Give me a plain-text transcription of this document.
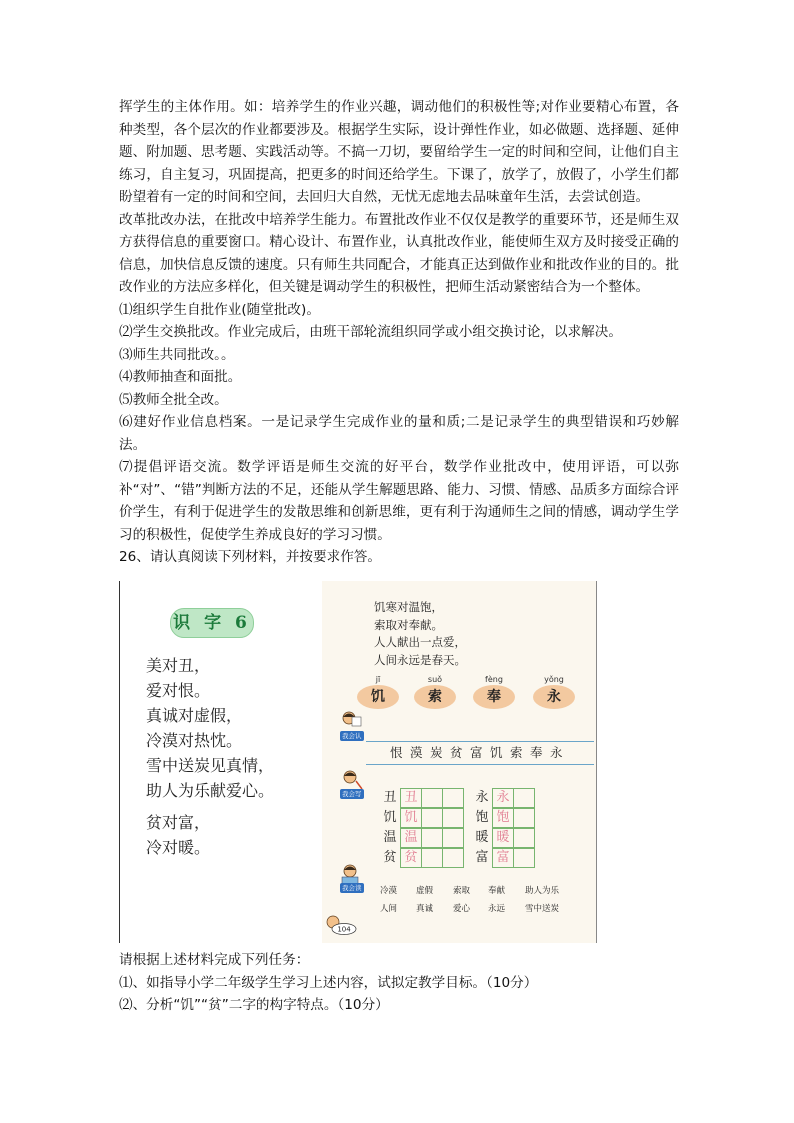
挥学生的主体作用。如：培养学生的作业兴趣，调动他们的积极性等;对作业要精心布置，各种类型，各个层次的作业都要涉及。根据学生实际，设计弹性作业，如必做题、选择题、延伸题、附加题、思考题、实践活动等。不搞一刀切，要留给学生一定的时间和空间，让他们自主练习，自主复习，巩固提高，把更多的时间还给学生。下课了，放学了，放假了，小学生们都盼望着有一定的时间和空间，去回归大自然，无忧无虑地去品味童年生活，去尝试创造。

改革批改办法，在批改中培养学生能力。布置批改作业不仅仅是教学的重要环节，还是师生双方获得信息的重要窗口。精心设计、布置作业，认真批改作业，能使师生双方及时接受正确的信息，加快信息反馈的速度。只有师生共同配合，才能真正达到做作业和批改作业的目的。批改作业的方法应多样化，但关键是调动学生的积极性，把师生活动紧密结合为一个整体。

⑴组织学生自批作业(随堂批改)。

⑵学生交换批改。作业完成后，由班干部轮流组织同学或小组交换讨论，以求解决。

⑶师生共同批改。。

⑷教师抽查和面批。

⑸教师全批全改。

⑹建好作业信息档案。一是记录学生完成作业的量和质;二是记录学生的典型错误和巧妙解法。

⑺提倡评语交流。数学评语是师生交流的好平台，数学作业批改中，使用评语，可以弥补“对”、“错”判断方法的不足，还能从学生解题思路、能力、习惯、情感、品质多方面综合评价学生，有利于促进学生的发散思维和创新思维，更有利于沟通师生之间的情感，调动学生学习的积极性，促使学生养成良好的学习习惯。

26、请认真阅读下列材料，并按要求作答。

识 字 6
美对丑，
爱对恨。
真诚对虚假，
冷漠对热忱。
雪中送炭见真情，
助人为乐献爱心。
贫对富，
冷对暖。
饥寒对温饱，
索取对奉献。
人人献出一点爱，
人间永远是春天。
jī
饥
suǒ
索
fèng
奉
yǒng
永
我会认
恨漠炭贫富饥索奉永
我会写 丑 丑	永 永
饥 饥	饱 饱
温 温	暖 暖
贫 贫	富 富
我会读 冷漠 虚假 索取 奉献 助人为乐
人间 真诚 爱心 永远 雪中送炭
104

请根据上述材料完成下列任务：

⑴、如指导小学二年级学生学习上述内容，试拟定教学目标。（10分）

⑵、分析“饥”“贫”二字的构字特点。（10分）
